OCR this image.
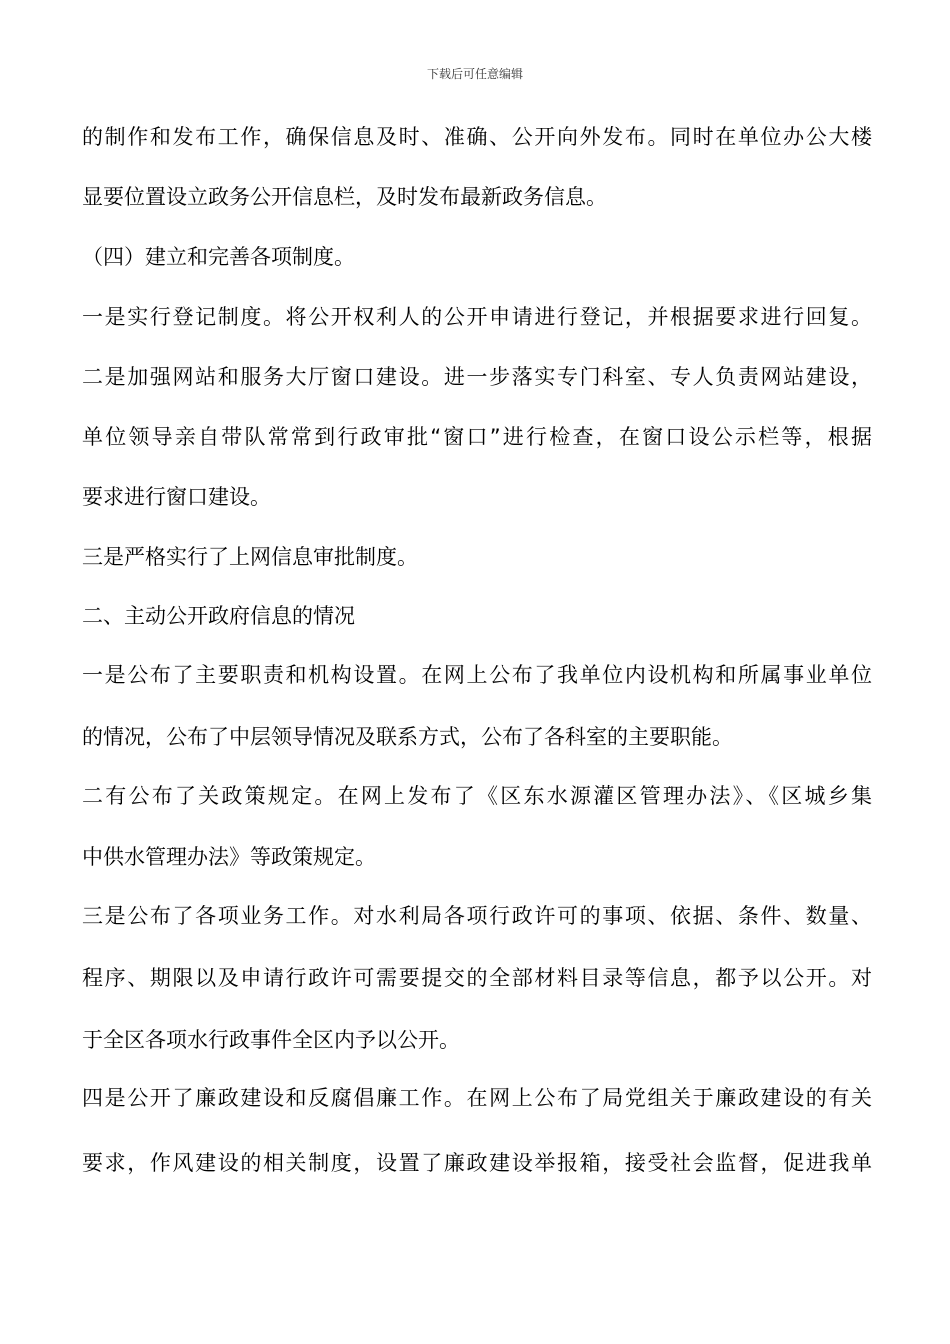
下载后可任意编辑
的制作和发布工作，确保信息及时、准确、公开向外发布。同时在单位办公大楼
显要位置设立政务公开信息栏，及时发布最新政务信息。
（四）建立和完善各项制度。
一是实行登记制度。将公开权利人的公开申请进行登记，并根据要求进行回复。
二是加强网站和服务大厅窗口建设。进一步落实专门科室、专人负责网站建设，
单位领导亲自带队常常到行政审批“窗口”进行检查，在窗口设公示栏等，根据
要求进行窗口建设。
三是严格实行了上网信息审批制度。
二、主动公开政府信息的情况
一是公布了主要职责和机构设置。在网上公布了我单位内设机构和所属事业单位
的情况，公布了中层领导情况及联系方式，公布了各科室的主要职能。
二有公布了关政策规定。在网上发布了《区东水源灌区管理办法》、《区城乡集
中供水管理办法》等政策规定。
三是公布了各项业务工作。对水利局各项行政许可的事项、依据、条件、数量、
程序、期限以及申请行政许可需要提交的全部材料目录等信息，都予以公开。对
于全区各项水行政事件全区内予以公开。
四是公开了廉政建设和反腐倡廉工作。在网上公布了局党组关于廉政建设的有关
要求，作风建设的相关制度，设置了廉政建设举报箱，接受社会监督，促进我单
